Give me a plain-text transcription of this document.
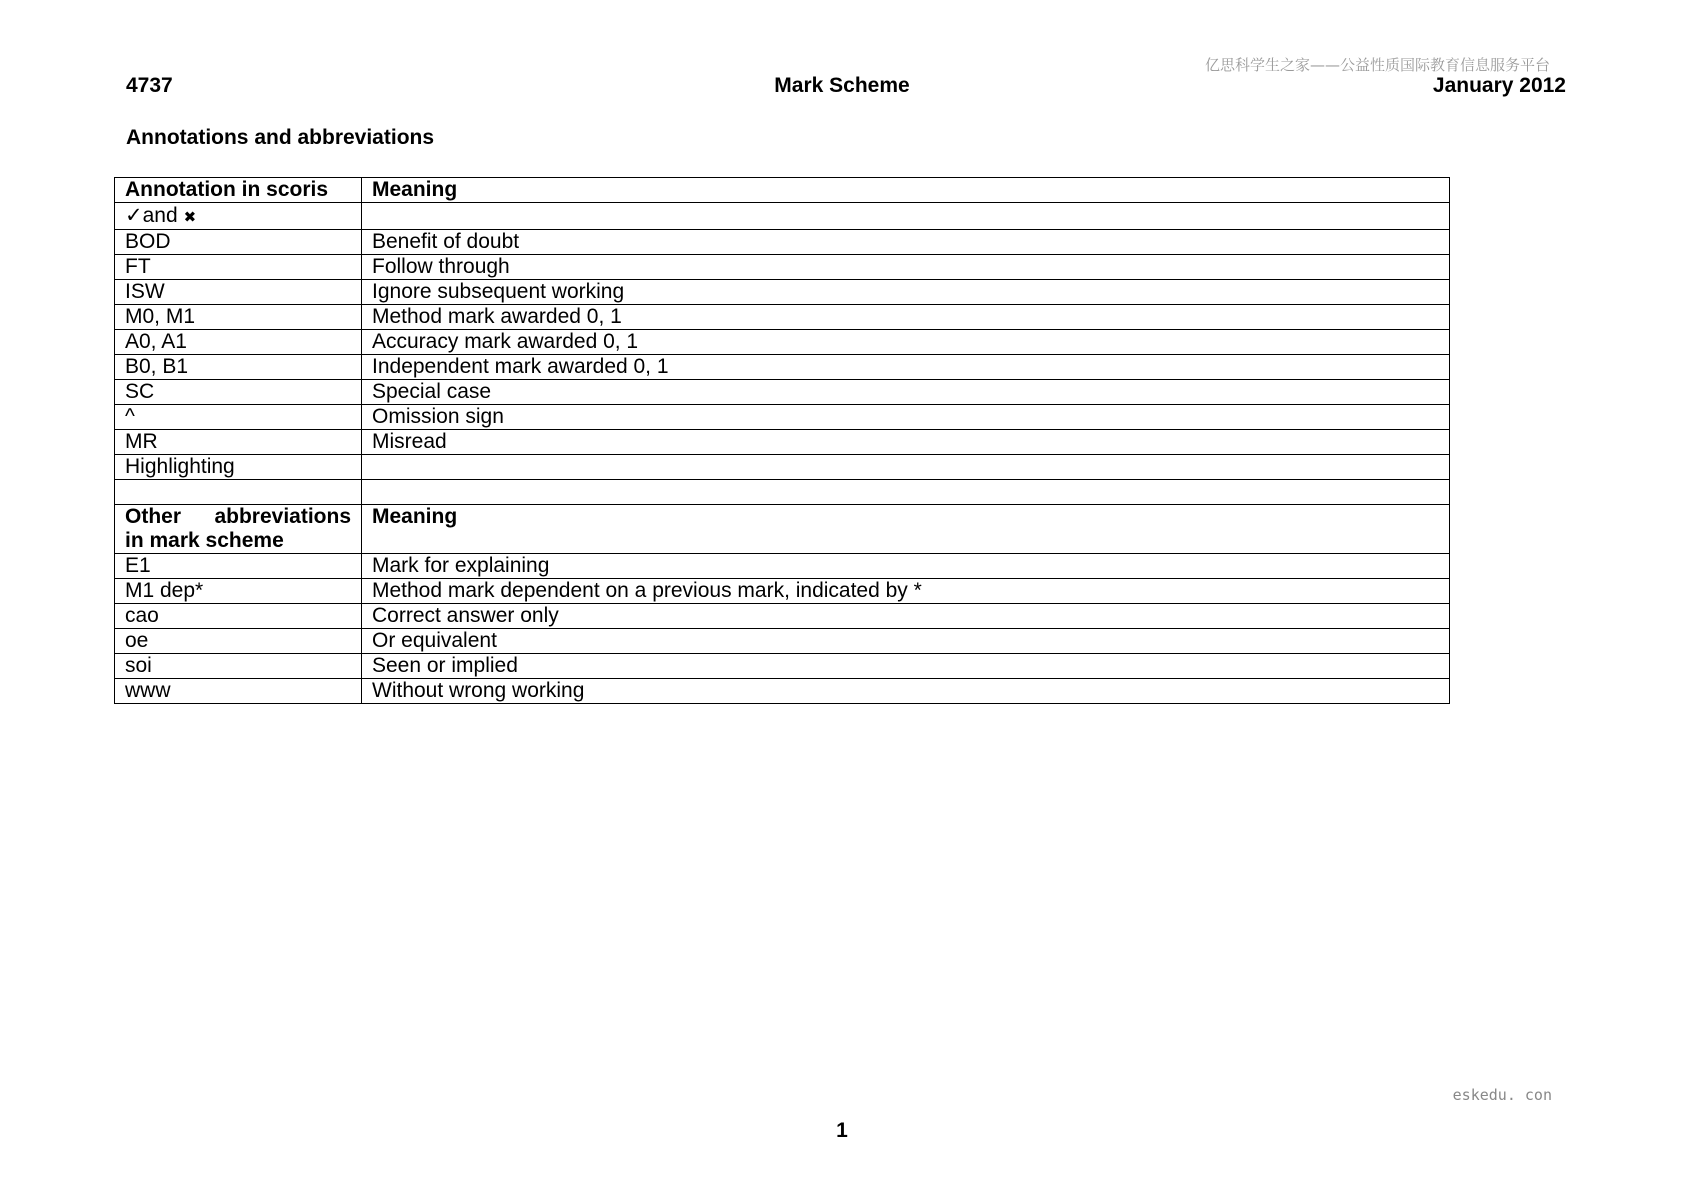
亿思科学生之家——公益性质国际教育信息服务平台
4737	Mark Scheme	January 2012
Annotations and abbreviations
Annotation in scoris	Meaning
✓and ✖	
BOD	Benefit of doubt
FT	Follow through
ISW	Ignore subsequent working
M0, M1	Method mark awarded 0, 1
A0, A1	Accuracy mark awarded 0, 1
B0, B1	Independent mark awarded 0, 1
SC	Special case
^	Omission sign
MR	Misread
Highlighting	

Other abbreviations
in mark scheme	Meaning
E1	Mark for explaining
M1 dep*	Method mark dependent on a previous mark, indicated by *
cao	Correct answer only
oe	Or equivalent
soi	Seen or implied
www	Without wrong working
eskedu. con
1
